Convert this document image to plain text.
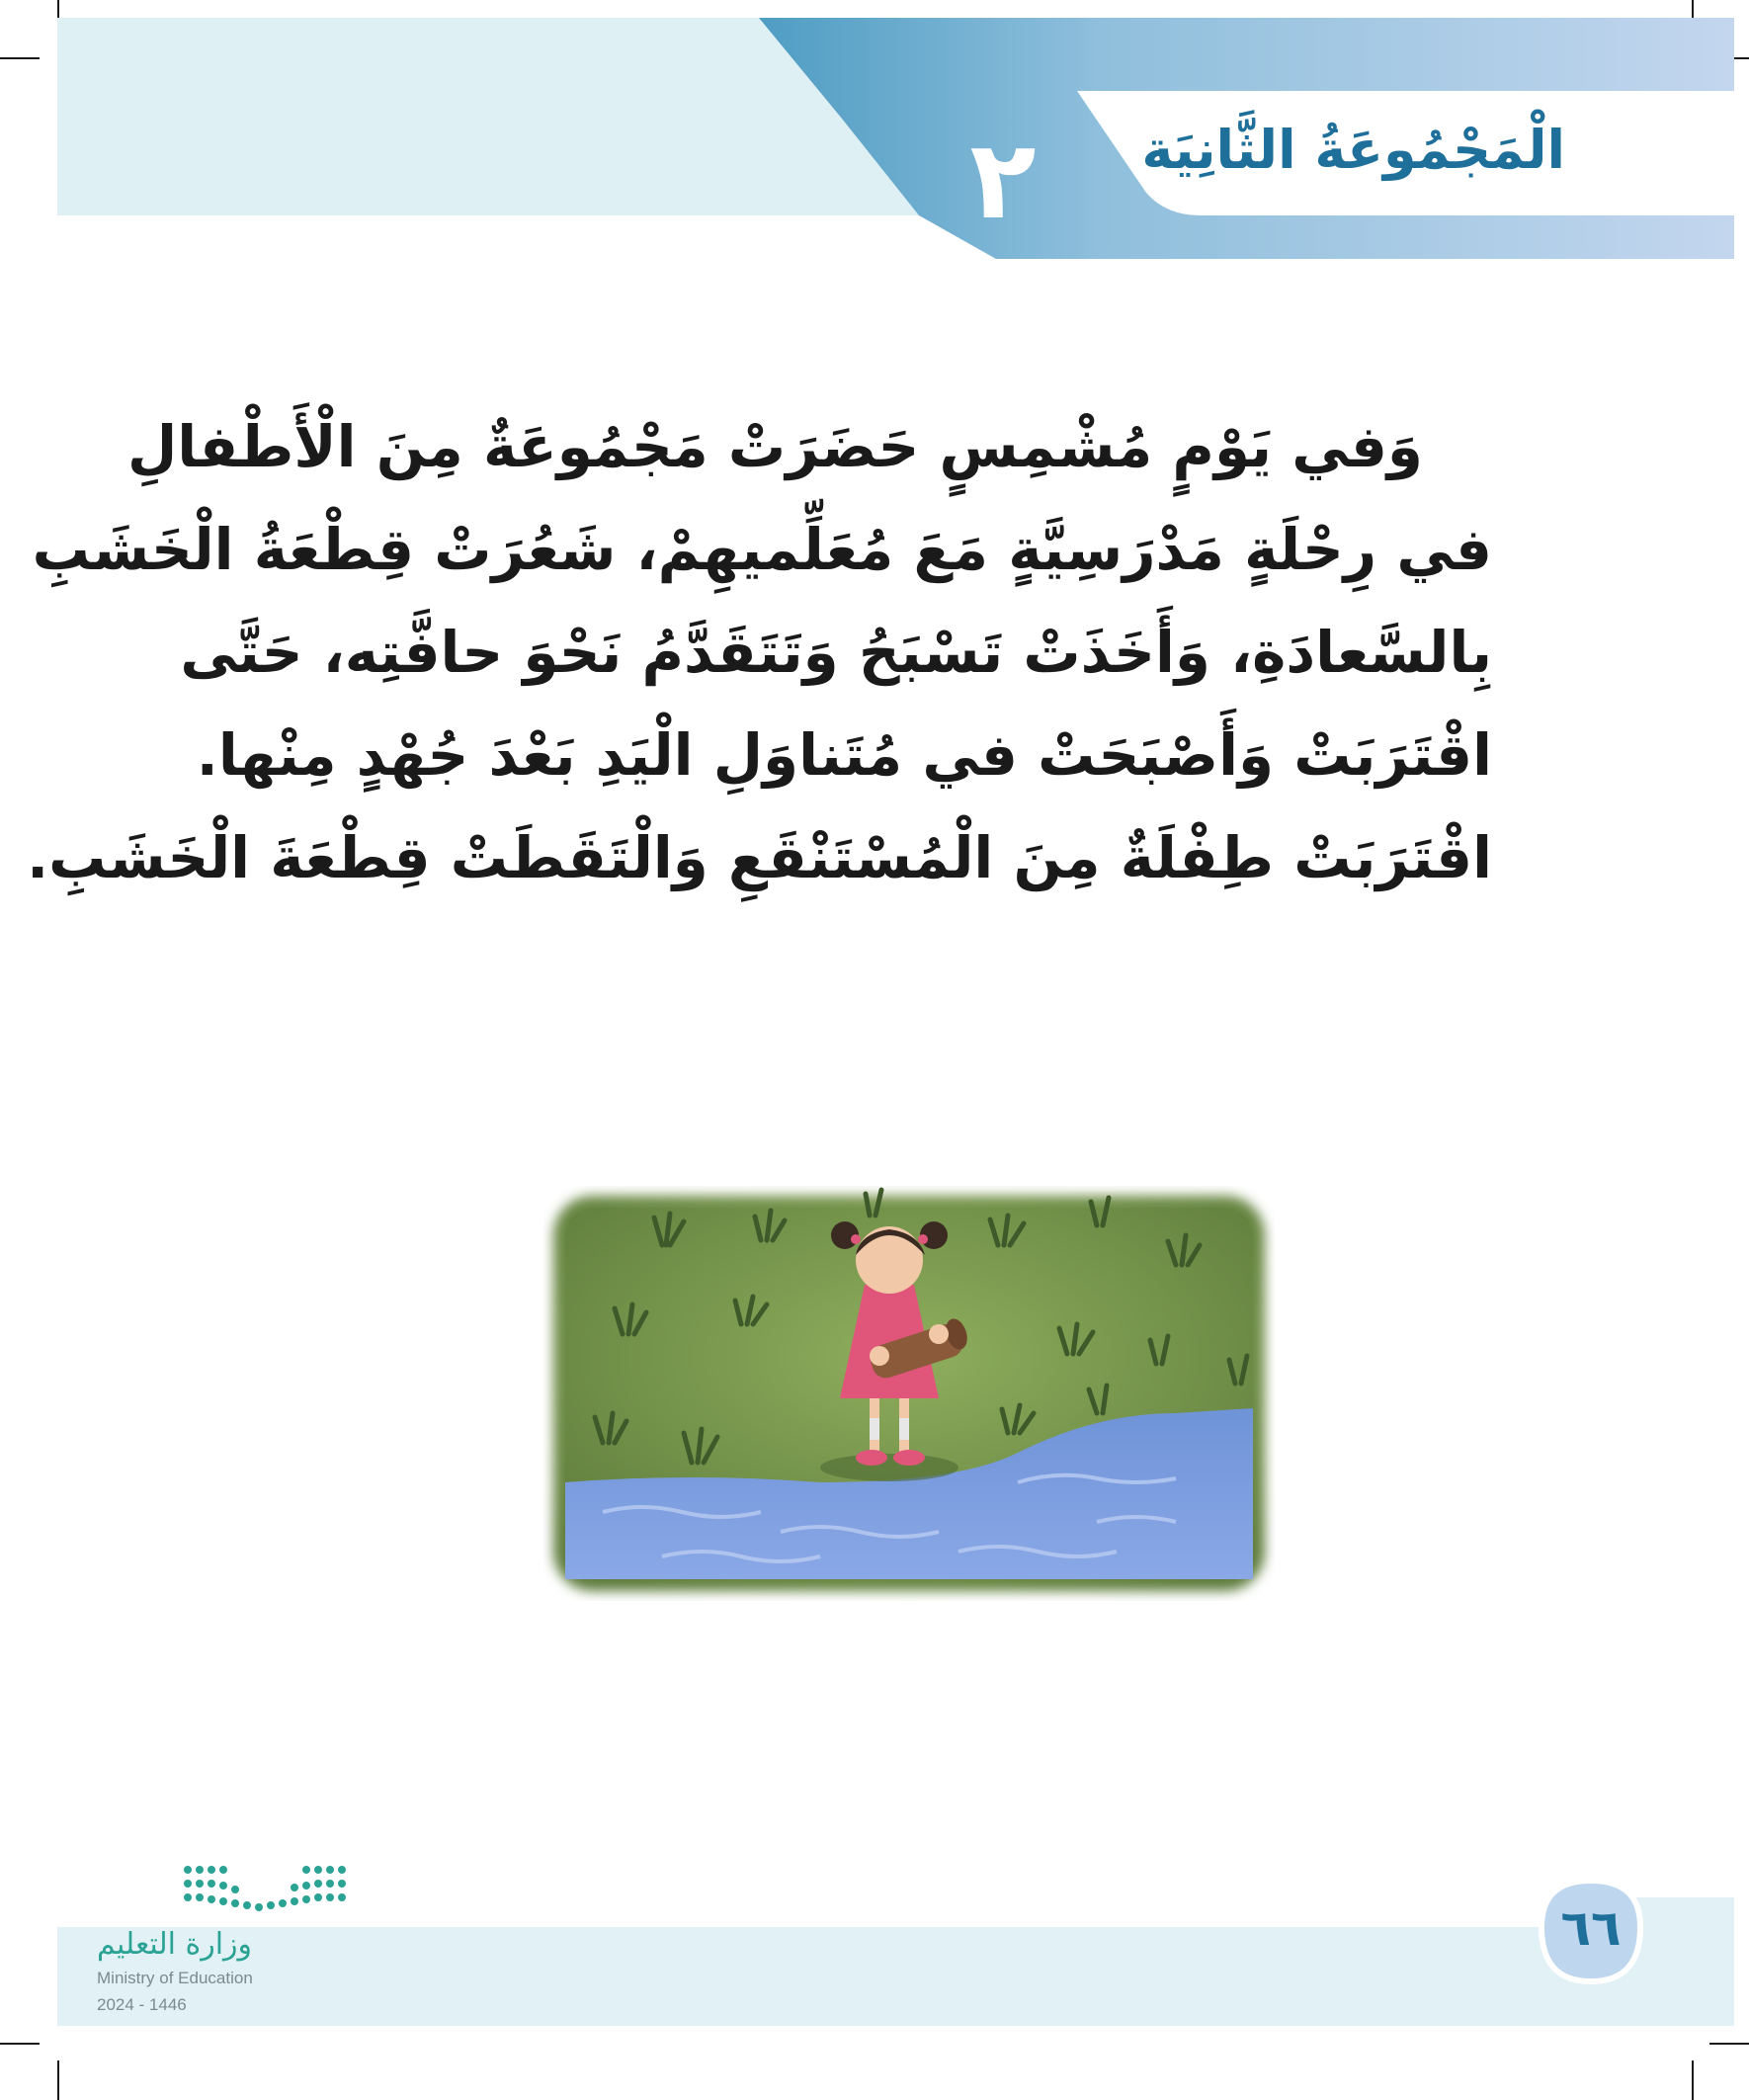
الْمَجْمُوعَةُ الثَّانِيَة
٢
وَفي يَوْمٍ مُشْمِسٍ حَضَرَتْ مَجْمُوعَةٌ مِنَ الْأَطْفالِ
في رِحْلَةٍ مَدْرَسِيَّةٍ مَعَ مُعَلِّميهِمْ، شَعُرَتْ قِطْعَةُ الْخَشَبِ
بِالسَّعادَةِ، وَأَخَذَتْ تَسْبَحُ وَتَتَقَدَّمُ نَحْوَ حافَّتِه، حَتَّى
اقْتَرَبَتْ وَأَصْبَحَتْ في مُتَناوَلِ الْيَدِ بَعْدَ جُهْدٍ مِنْها.
اقْتَرَبَتْ طِفْلَةٌ مِنَ الْمُسْتَنْقَعِ وَالْتَقَطَتْ قِطْعَةَ الْخَشَبِ.
٦٦
وزارة التعليم
Ministry of Education
2024 - 1446
